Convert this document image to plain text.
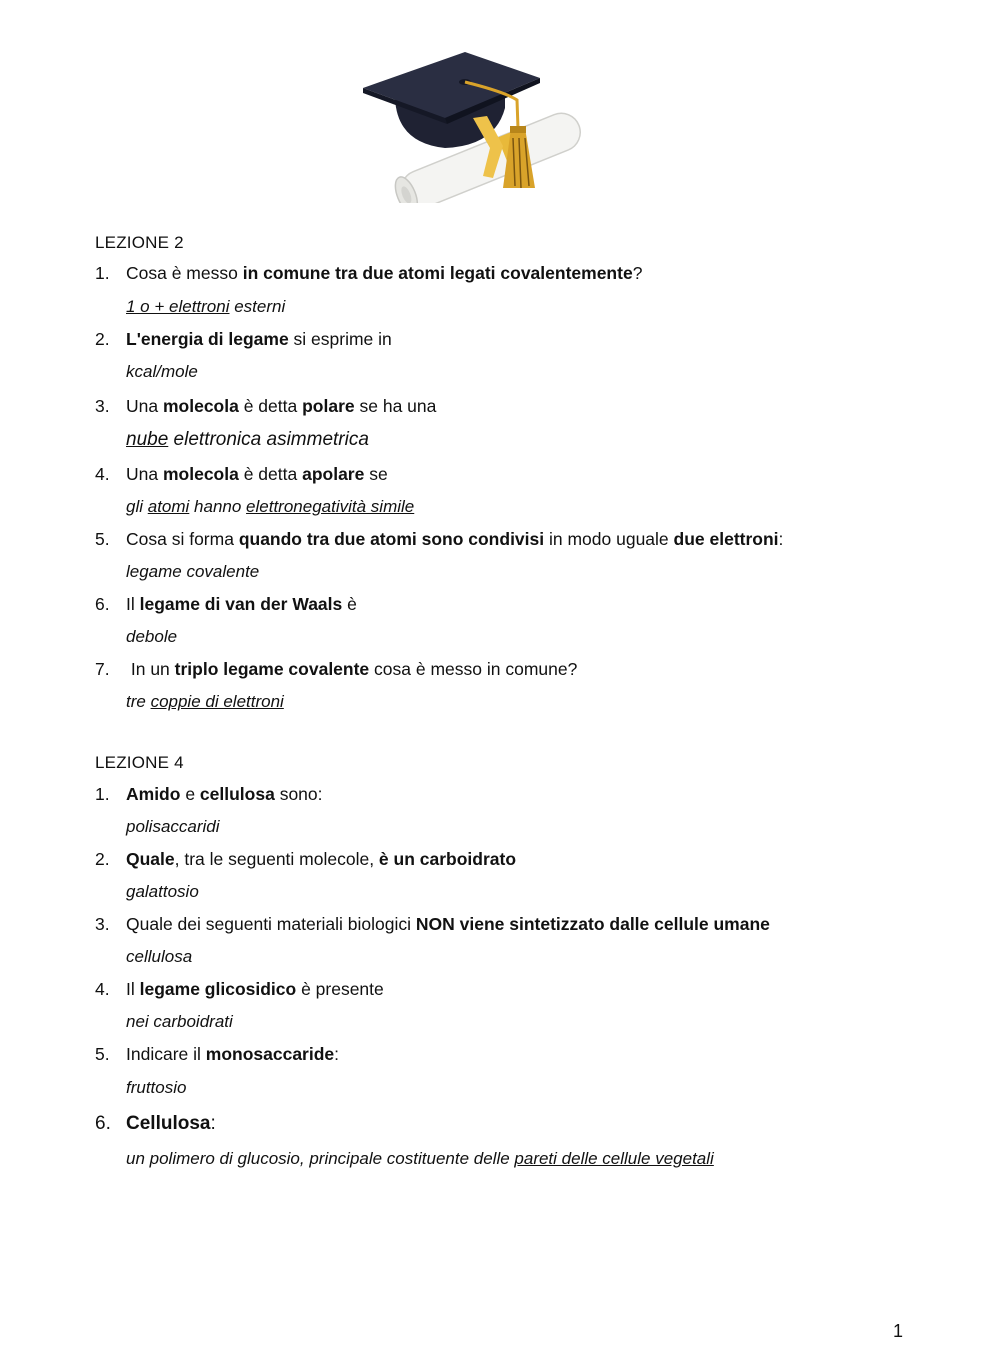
LEZIONE 2
1. Cosa è messo in comune tra due atomi legati covalentemente?
1 o + elettroni esterni
2. L'energia di legame si esprime in
kcal/mole
3. Una molecola è detta polare se ha una
nube elettronica asimmetrica
4. Una molecola è detta apolare se
gli atomi hanno elettronegatività simile
5. Cosa si forma quando tra due atomi sono condivisi in modo uguale due elettroni:
legame covalente
6. Il legame di van der Waals è
debole
7. In un triplo legame covalente cosa è messo in comune?
tre coppie di elettroni
LEZIONE 4
1. Amido e cellulosa sono:
polisaccaridi
2. Quale, tra le seguenti molecole, è un carboidrato
galattosio
3. Quale dei seguenti materiali biologici NON viene sintetizzato dalle cellule umane
cellulosa
4. Il legame glicosidico è presente
nei carboidrati
5. Indicare il monosaccaride:
fruttosio
6. Cellulosa:
un polimero di glucosio, principale costituente delle pareti delle cellule vegetali
1
